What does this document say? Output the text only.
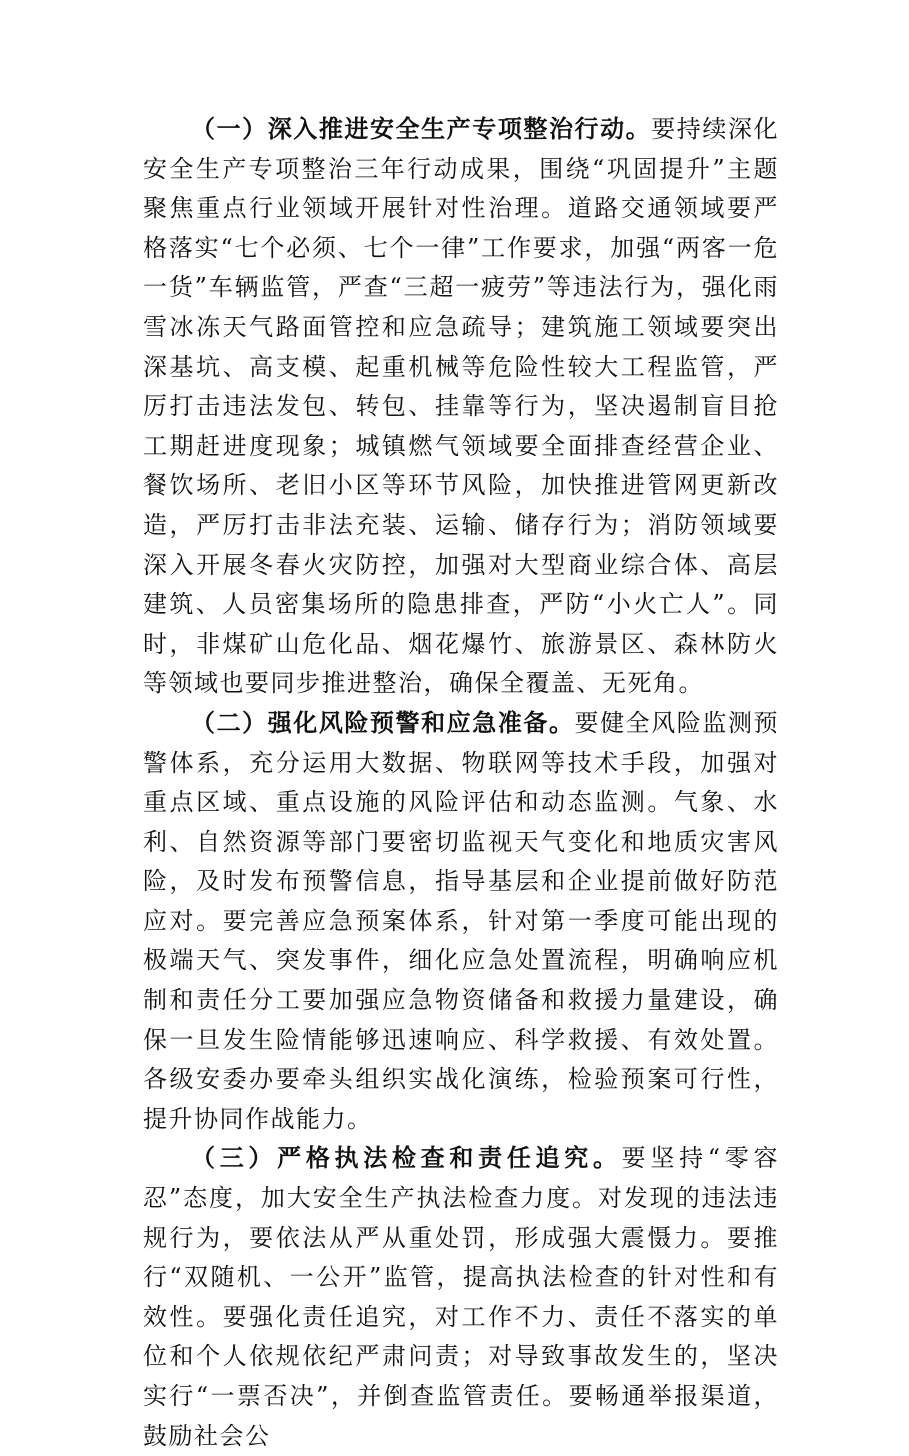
（一）深入推进安全生产专项整治行动。要持续深化安全生产专项整治三年行动成果，围绕“巩固提升”主题聚焦重点行业领域开展针对性治理。道路交通领域要严格落实“七个必须、七个一律”工作要求，加强“两客一危一货”车辆监管，严查“三超一疲劳”等违法行为，强化雨雪冰冻天气路面管控和应急疏导；建筑施工领域要突出深基坑、高支模、起重机械等危险性较大工程监管，严厉打击违法发包、转包、挂靠等行为，坚决遏制盲目抢工期赶进度现象；城镇燃气领域要全面排查经营企业、餐饮场所、老旧小区等环节风险，加快推进管网更新改造，严厉打击非法充装、运输、储存行为；消防领域要深入开展冬春火灾防控，加强对大型商业综合体、高层建筑、人员密集场所的隐患排查，严防“小火亡人”。同时，非煤矿山危化品、烟花爆竹、旅游景区、森林防火等领域也要同步推进整治，确保全覆盖、无死角。

（二）强化风险预警和应急准备。要健全风险监测预警体系，充分运用大数据、物联网等技术手段，加强对重点区域、重点设施的风险评估和动态监测。气象、水利、自然资源等部门要密切监视天气变化和地质灾害风险，及时发布预警信息，指导基层和企业提前做好防范应对。要完善应急预案体系，针对第一季度可能出现的极端天气、突发事件，细化应急处置流程，明确响应机制和责任分工要加强应急物资储备和救援力量建设，确保一旦发生险情能够迅速响应、科学救援、有效处置。各级安委办要牵头组织实战化演练，检验预案可行性，提升协同作战能力。

（三）严格执法检查和责任追究。要坚持“零容忍”态度，加大安全生产执法检查力度。对发现的违法违规行为，要依法从严从重处罚，形成强大震慑力。要推行“双随机、一公开”监管，提高执法检查的针对性和有效性。要强化责任追究，对工作不力、责任不落实的单位和个人依规依纪严肃问责；对导致事故发生的，坚决实行“一票否决”，并倒查监管责任。要畅通举报渠道，鼓励社会公
